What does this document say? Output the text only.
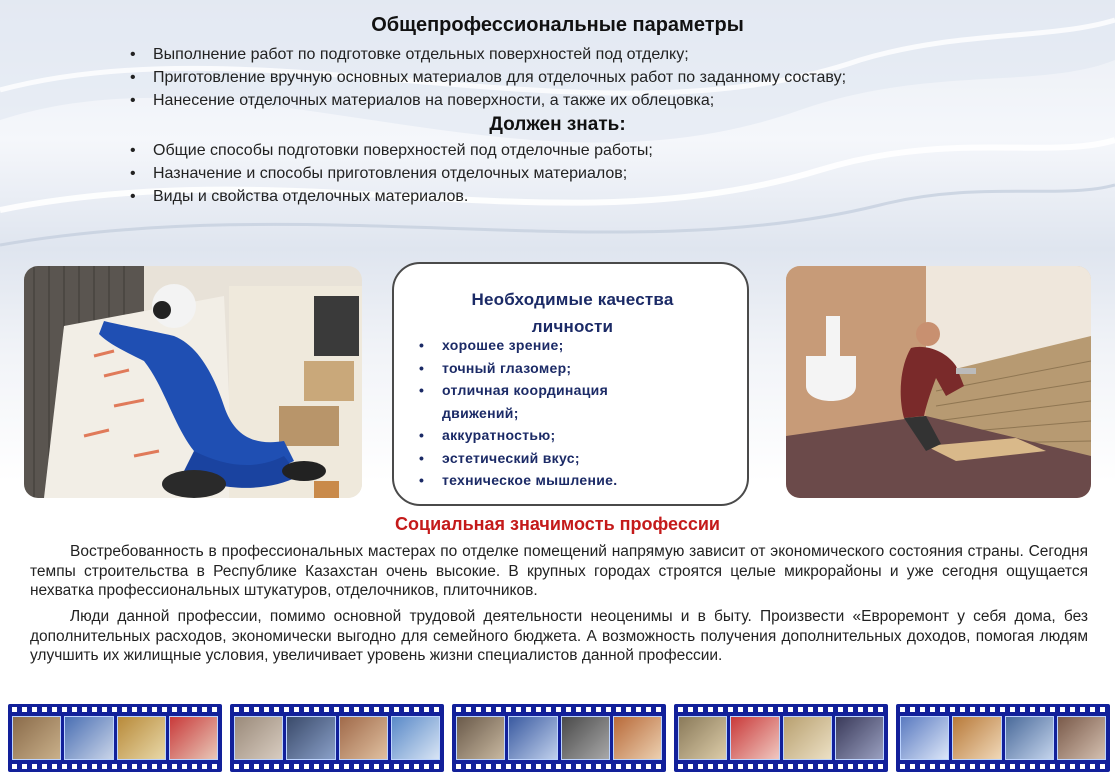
Общепрофессиональные параметры
• Выполнение работ по подготовке отдельных поверхностей под отделку;
• Приготовление вручную основных материалов для отделочных работ по заданному составу;
• Нанесение отделочных материалов на поверхности, а также их облецовка;
Должен знать:
• Общие способы подготовки поверхностей под отделочные работы;
• Назначение и способы приготовления отделочных материалов;
• Виды и свойства отделочных материалов.
Необходимые качества
личности
• хорошее зрение;
• точный глазомер;
• отличная координация движений;
• аккуратностью;
• эстетический вкус;
• техническое мышление.
Социальная значимость профессии
Востребованность в профессиональных мастерах по отделке помещений напрямую зависит от экономического состояния страны. Сегодня темпы строительства в Республике Казахстан очень высокие. В крупных городах строятся целые микрорайоны и уже сегодня ощущается нехватка профессиональных штукатуров, отделочников, плиточников.
Люди данной профессии, помимо основной трудовой деятельности неоценимы и в быту. Произвести «Евроремонт у себя дома, без дополнительных расходов, экономически выгодно для семейного бюджета. А возможность получения дополнительных доходов, помогая людям улучшить их жилищные условия, увеличивает уровень жизни специалистов данной профессии.
